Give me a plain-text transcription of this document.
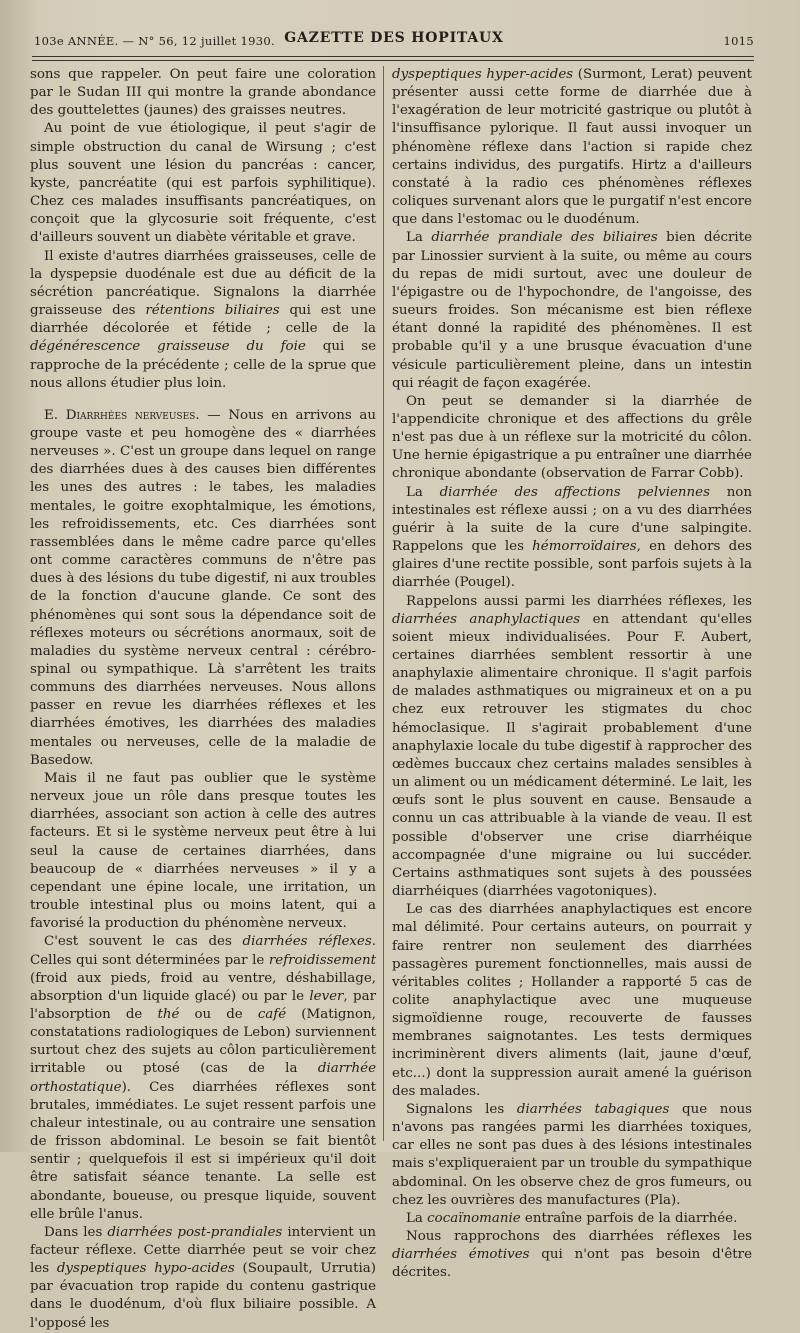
103e ANNÉE. — N° 56, 12 juillet 1930. GAZETTE DES HOPITAUX	1015

sons que rappeler. On peut faire une coloration par le Sudan III qui montre la grande abondance des gouttelettes (jaunes) des graisses neutres.

Au point de vue étiologique, il peut s'agir de simple obstruction du canal de Wirsung ; c'est plus souvent une lésion du pancréas : cancer, kyste, pancréatite (qui est parfois syphilitique). Chez ces malades insuffisants pancréatiques, on conçoit que la glycosurie soit fréquente, c'est d'ailleurs souvent un diabète véritable et grave.

Il existe d'autres diarrhées graisseuses, celle de la dyspepsie duodénale est due au déficit de la sécrétion pancréatique. Signalons la diarrhée graisseuse des rétentions biliaires qui est une diarrhée décolorée et fétide ; celle de la dégénérescence graisseuse du foie qui se rapproche de la précédente ; celle de la sprue que nous allons étudier plus loin.

E. Diarrhées nerveuses. — Nous en arrivons au groupe vaste et peu homogène des « diarrhées nerveuses ». C'est un groupe dans lequel on range des diarrhées dues à des causes bien différentes les unes des autres : le tabes, les maladies mentales, le goitre exophtalmique, les émotions, les refroidissements, etc. Ces diarrhées sont rassemblées dans le même cadre parce qu'elles ont comme caractères communs de n'être pas dues à des lésions du tube digestif, ni aux troubles de la fonction d'aucune glande. Ce sont des phénomènes qui sont sous la dépendance soit de réflexes moteurs ou sécrétions anormaux, soit de maladies du système nerveux central : cérébro-spinal ou sympathique. Là s'arrêtent les traits communs des diarrhées nerveuses. Nous allons passer en revue les diarrhées réflexes et les diarrhées émotives, les diarrhées des maladies mentales ou nerveuses, celle de la maladie de Basedow.

Mais il ne faut pas oublier que le système nerveux joue un rôle dans presque toutes les diarrhées, associant son action à celle des autres facteurs. Et si le système nerveux peut être à lui seul la cause de certaines diarrhées, dans beaucoup de « diarrhées nerveuses » il y a cependant une épine locale, une irritation, un trouble intestinal plus ou moins latent, qui a favorisé la production du phénomène nerveux.

C'est souvent le cas des diarrhées réflexes. Celles qui sont déterminées par le refroidissement (froid aux pieds, froid au ventre, déshabillage, absorption d'un liquide glacé) ou par le lever, par l'absorption de thé ou de café (Matignon, constatations radiologiques de Lebon) surviennent surtout chez des sujets au côlon particulièrement irritable ou ptosé (cas de la diarrhée orthostatique). Ces diarrhées réflexes sont brutales, immédiates. Le sujet ressent parfois une chaleur intestinale, ou au contraire une sensation de frisson abdominal. Le besoin se fait bientôt sentir ; quelquefois il est si impérieux qu'il doit être satisfait séance tenante. La selle est abondante, boueuse, ou presque liquide, souvent elle brûle l'anus.

Dans les diarrhées post-prandiales intervient un facteur réflexe. Cette diarrhée peut se voir chez les dyspeptiques hypo-acides (Soupault, Urrutia) par évacuation trop rapide du contenu gastrique dans le duodénum, d'où flux biliaire possible. A l'opposé les

dyspeptiques hyper-acides (Surmont, Lerat) peuvent présenter aussi cette forme de diarrhée due à l'exagération de leur motricité gastrique ou plutôt à l'insuffisance pylorique. Il faut aussi invoquer un phénomène réflexe dans l'action si rapide chez certains individus, des purgatifs. Hirtz a d'ailleurs constaté à la radio ces phénomènes réflexes coliques survenant alors que le purgatif n'est encore que dans l'estomac ou le duodénum.

La diarrhée prandiale des biliaires bien décrite par Linossier survient à la suite, ou même au cours du repas de midi surtout, avec une douleur de l'épigastre ou de l'hypochondre, de l'angoisse, des sueurs froides. Son mécanisme est bien réflexe étant donné la rapidité des phénomènes. Il est probable qu'il y a une brusque évacuation d'une vésicule particulièrement pleine, dans un intestin qui réagit de façon exagérée.

On peut se demander si la diarrhée de l'appendicite chronique et des affections du grêle n'est pas due à un réflexe sur la motricité du côlon. Une hernie épigastrique a pu entraîner une diarrhée chronique abondante (observation de Farrar Cobb).

La diarrhée des affections pelviennes non intestinales est réflexe aussi ; on a vu des diarrhées guérir à la suite de la cure d'une salpingite. Rappelons que les hémorroïdaires, en dehors des glaires d'une rectite possible, sont parfois sujets à la diarrhée (Pougel).

Rappelons aussi parmi les diarrhées réflexes, les diarrhées anaphylactiques en attendant qu'elles soient mieux individualisées. Pour F. Aubert, certaines diarrhées semblent ressortir à une anaphylaxie alimentaire chronique. Il s'agit parfois de malades asthmatiques ou migraineux et on a pu chez eux retrouver les stigmates du choc hémoclasique. Il s'agirait probablement d'une anaphylaxie locale du tube digestif à rapprocher des œdèmes buccaux chez certains malades sensibles à un aliment ou un médicament déterminé. Le lait, les œufs sont le plus souvent en cause. Bensaude a connu un cas attribuable à la viande de veau. Il est possible d'observer une crise diarrhéique accompagnée d'une migraine ou lui succéder. Certains asthmatiques sont sujets à des poussées diarrhéiques (diarrhées vagotoniques).

Le cas des diarrhées anaphylactiques est encore mal délimité. Pour certains auteurs, on pourrait y faire rentrer non seulement des diarrhées passagères purement fonctionnelles, mais aussi de véritables colites ; Hollander a rapporté 5 cas de colite anaphylactique avec une muqueuse sigmoïdienne rouge, recouverte de fausses membranes saignotantes. Les tests dermiques incriminèrent divers aliments (lait, jaune d'œuf, etc...) dont la suppression aurait amené la guérison des malades.

Signalons les diarrhées tabagiques que nous n'avons pas rangées parmi les diarrhées toxiques, car elles ne sont pas dues à des lésions intestinales mais s'expliqueraient par un trouble du sympathique abdominal. On les observe chez de gros fumeurs, ou chez les ouvrières des manufactures (Pla).

La cocaïnomanie entraîne parfois de la diarrhée.

Nous rapprochons des diarrhées réflexes les diarrhées émotives qui n'ont pas besoin d'être décrites.
